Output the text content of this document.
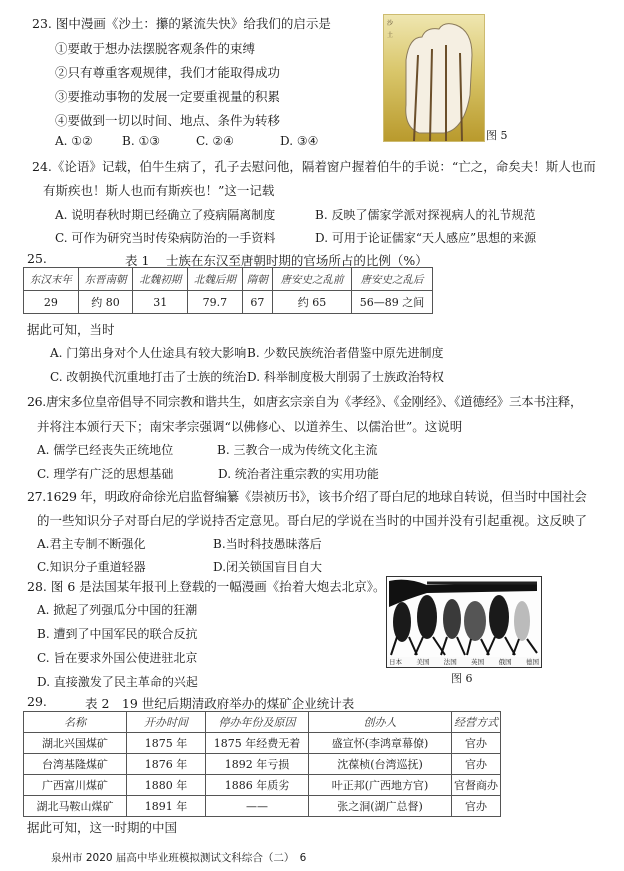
23. 图中漫画《沙土：攥的紧流失快》给我们的启示是
①要敢于想办法摆脱客观条件的束缚
②只有尊重客观规律，我们才能取得成功
③要推动事物的发展一定要重视量的积累
④要做到一切以时间、地点、条件为转移
A. ①② B. ①③	C. ②④	D. ③④
沙
土
图 5
24.《论语》记载，伯牛生病了，孔子去慰问他，隔着窗户握着伯牛的手说：“亡之，命矣夫！斯人也而
有斯疾也！斯人也而有斯疾也！”这一记载
A. 说明春秋时期已经确立了疫病隔离制度	B. 反映了儒家学派对探视病人的礼节规范
C. 可作为研究当时传染病防治的一手资料	D. 可用于论证儒家“天人感应”思想的来源
25.	表 1　 士族在东汉至唐朝时期的官场所占的比例（%）
东汉末年	东晋南朝	北魏初期	北魏后期	隋朝	唐安史之乱前	唐安史之乱后
29	约 80	31	79.7	67	约 65	56—89 之间
据此可知，当时
A. 门第出身对个人仕途具有较大影响 B. 少数民族统治者借鉴中原先进制度
C. 改朝换代沉重地打击了士族的统治 D. 科举制度极大削弱了士族政治特权
26.唐宋多位皇帝倡导不同宗教和谐共生，如唐玄宗亲自为《孝经》、《金刚经》、《道德经》三本书注释，
并将注本颁行天下；南宋孝宗强调“以佛修心、以道养生、以儒治世”。这说明
A. 儒学已经丧失正统地位	B. 三教合一成为传统文化主流
C. 理学有广泛的思想基础	D. 统治者注重宗教的实用功能
27.1629 年，明政府命徐光启监督编纂《崇祯历书》，该书介绍了哥白尼的地球自转说，但当时中国社会
的一些知识分子对哥白尼的学说持否定意见。哥白尼的学说在当时的中国并没有引起重视。这反映了
A.君主专制不断强化	B.当时科技愚昧落后
C.知识分子重道轻器	D.闭关锁国盲目自大
28. 图 6 是法国某年报刊上登载的一幅漫画《抬着大炮去北京》。
A. 掀起了列强瓜分中国的狂潮
B. 遭到了中国军民的联合反抗
C. 旨在要求外国公使进驻北京
D. 直接激发了民主革命的兴起
日本 美国 法国 英国 俄国 德国
图 6
29.	表 2　19 世纪后期清政府举办的煤矿企业统计表
名称	开办时间	停办年份及原因	创办人	经营方式
湖北兴国煤矿	1875 年	1875 年经费无着	盛宣怀(李鸿章幕僚)	官办
台湾基隆煤矿	1876 年	1892 年亏损	沈葆桢(台湾巡抚)	官办
广西富川煤矿	1880 年	1886 年质劣	叶正邦(广西地方官)	官督商办
湖北马鞍山煤矿	1891 年	——	张之洞(湖广总督)	官办
据此可知，这一时期的中国
泉州市 2020 届高中毕业班模拟测试文科综合（二）　6
